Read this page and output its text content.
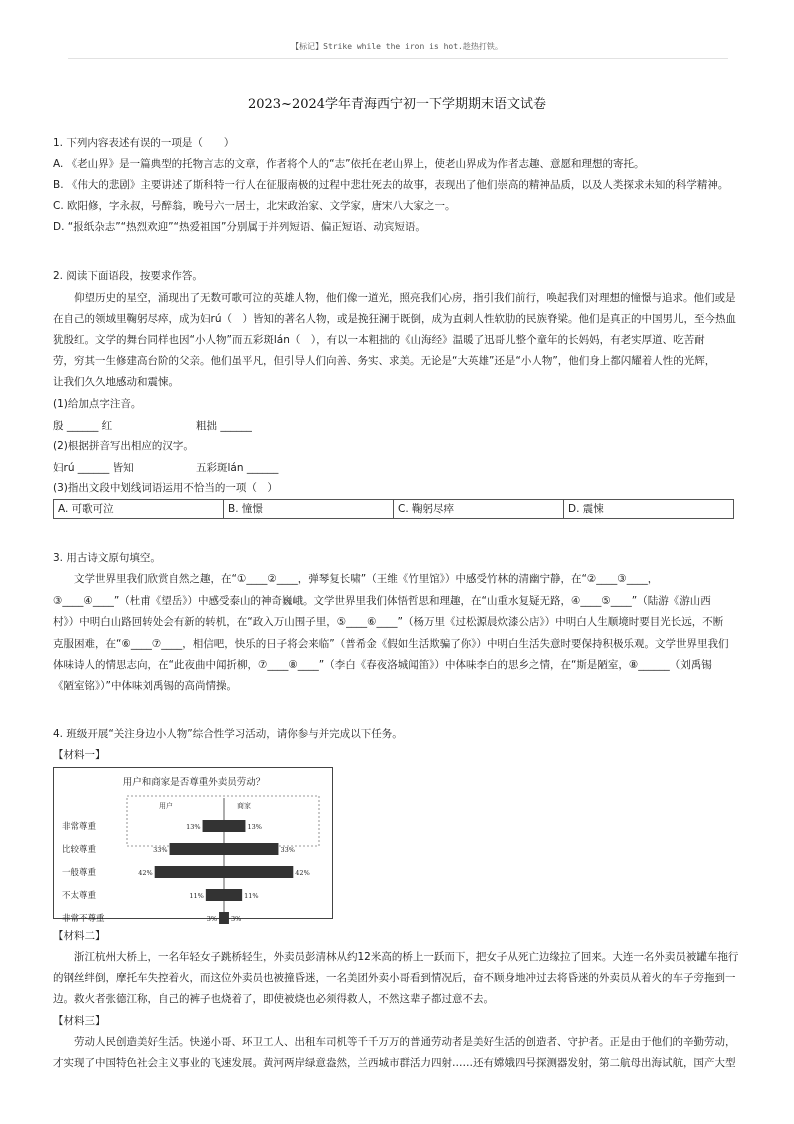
【标记】Strike while the iron is hot.趁热打铁。
2023~2024学年青海西宁初一下学期期末语文试卷
1. 下列内容表述有误的一项是（　　）
A. 《老山界》是一篇典型的托物言志的文章，作者将个人的“志”依托在老山界上，使老山界成为作者志趣、意愿和理想的寄托。
B. 《伟大的悲剧》主要讲述了斯科特一行人在征服南极的过程中悲壮死去的故事，表现出了他们崇高的精神品质，以及人类探求未知的科学精神。
C. 欧阳修，字永叔，号醉翁，晚号六一居士，北宋政治家、文学家，唐宋八大家之一。
D. “报纸杂志”“热烈欢迎”“热爱祖国”分别属于并列短语、偏正短语、动宾短语。
2. 阅读下面语段，按要求作答。
仰望历史的星空，涌现出了无数可歌可泣的英雄人物，他们像一道光，照亮我们心房，指引我们前行，唤起我们对理想的憧憬与追求。他们或是
在自己的领域里鞠躬尽瘁，成为妇rú（　）皆知的著名人物，或是挽狂澜于既倒，成为直刺人性软肋的民族脊梁。他们是真正的中国男儿，至今热血
犹殷红。文学的舞台同样也因“小人物”而五彩斑lán（　），有以一本粗拙的《山海经》温暖了迅哥儿整个童年的长妈妈，有老实厚道、吃苦耐
劳，穷其一生修建高台阶的父亲。他们虽平凡，但引导人们向善、务实、求美。无论是“大英雄”还是“小人物”，他们身上都闪耀着人性的光辉，
让我们久久地感动和震悚。
(1)给加点字注音。
殷 ______ 红	粗拙 ______
(2)根据拼音写出相应的汉字。
妇rú ______ 皆知	五彩斑lán ______
(3)指出文段中划线词语运用不恰当的一项（　）
A. 可歌可泣	B. 憧憬	C. 鞠躬尽瘁	D. 震悚
3. 用古诗文原句填空。
文学世界里我们欣赏自然之趣，在“①____②____，弹琴复长啸”（王维《竹里馆》）中感受竹林的清幽宁静，在“②____③____，
③____④____”（杜甫《望岳》）中感受泰山的神奇巍峨。文学世界里我们体悟哲思和理趣，在“山重水复疑无路，④____⑤____”（陆游《游山西
村》）中明白山路回转处会有新的转机，在“政入万山围子里，⑤____⑥____”（杨万里《过松源晨炊漆公店》）中明白人生顺境时要目光长远，不断
克服困难，在“⑥____⑦____，相信吧，快乐的日子将会来临”（普希金《假如生活欺骗了你》）中明白生活失意时要保持积极乐观。文学世界里我们
体味诗人的情思志向，在“此夜曲中闻折柳，⑦____⑧____”（李白《春夜洛城闻笛》）中体味李白的思乡之情，在“斯是陋室，⑧______（刘禹锡
《陋室铭》）”中体味刘禹锡的高尚情操。
4. 班级开展“关注身边小人物”综合性学习活动，请你参与并完成以下任务。
【材料一】
用户和商家是否尊重外卖员劳动？
用户	商家
非常尊重	13%	13%
比较尊重	33%	33%
一般尊重	42%	42%
不太尊重	11%	11%
非常不尊重	3% 3%
【材料二】
浙江杭州大桥上，一名年轻女子跳桥轻生，外卖员彭清林从约12米高的桥上一跃而下，把女子从死亡边缘拉了回来。大连一名外卖员被罐车拖行
的钢丝绊倒，摩托车失控着火，而这位外卖员也被撞昏迷，一名美团外卖小哥看到情况后，奋不顾身地冲过去将昏迷的外卖员从着火的车子旁拖到一
边。救火者张德江称，自己的裤子也烧着了，即使被烧也必须得救人，不然这辈子都过意不去。
【材料三】
劳动人民创造美好生活。快递小哥、环卫工人、出租车司机等千千万万的普通劳动者是美好生活的创造者、守护者。正是由于他们的辛勤劳动，
才实现了中国特色社会主义事业的飞速发展。黄河两岸绿意盎然，兰西城市群活力四射……还有嫦娥四号探测器发射，第二航母出海试航，国产大型
